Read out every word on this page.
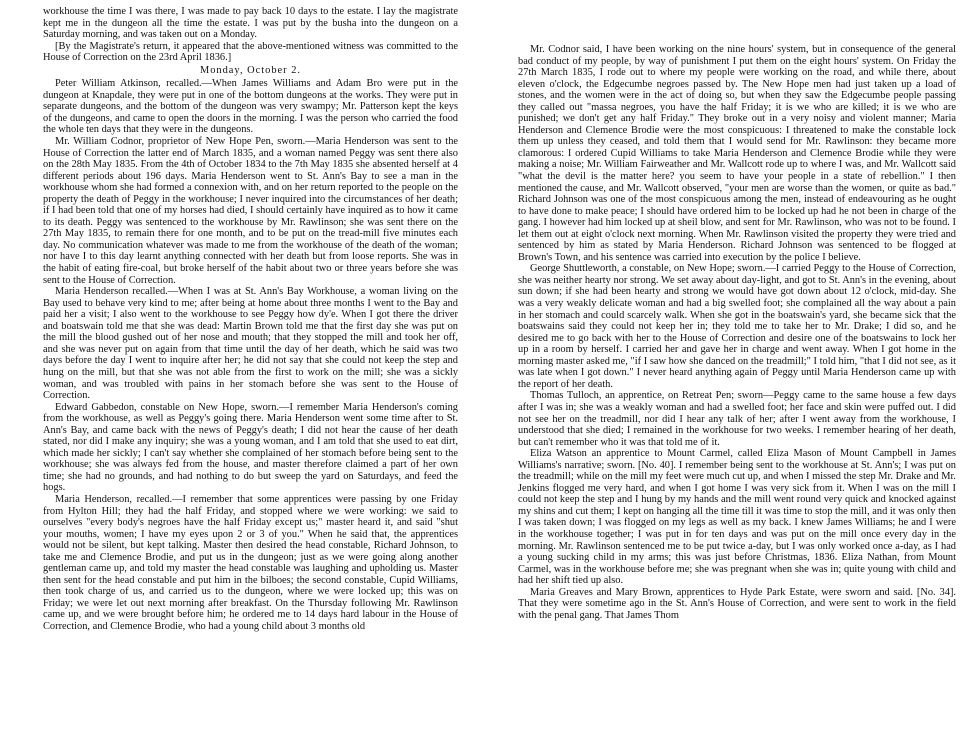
workhouse the time I was there, I was made to pay back 10 days to the estate. I lay the magistrate kept me in the dungeon all the time the estate. I was put by the busha into the dungeon on a Saturday morning, and was taken out on a Monday.

[By the Magistrate's return, it appeared that the above-mentioned witness was committed to the House of Correction on the 23rd April 1836.]

Monday, October 2.

Peter William Atkinson, recalled.—When James Williams and Adam Bro were put in the dungeon at Knapdale, they were put in one of the bottom dungeons at the works. They were put in separate dungeons, and the bottom of the dungeon was very swampy; Mr. Patterson kept the keys of the dungeons, and came to open the doors in the morning. I was the person who carried the food the whole ten days that they were in the dungeons.

Mr. William Codnor, proprietor of New Hope Pen, sworn.—Maria Henderson was sent to the House of Correction the latter end of March 1835, and a woman named Peggy was sent there also on the 28th May 1835. From the 4th of October 1834 to the 7th May 1835 she absented herself at 4 different periods about 196 days. Maria Henderson went to St. Ann's Bay to see a man in the workhouse whom she had formed a connexion with, and on her return reported to the people on the property the death of Peggy in the workhouse; I never inquired into the circumstances of her death; if I had been told that one of my horses had died, I should certainly have inquired as to how it came to its death. Peggy was sentenced to the workhouse by Mr. Rawlinson; she was sent there on the 27th May 1835, to remain there for one month, and to be put on the tread-mill five minutes each day. No communication whatever was made to me from the workhouse of the death of the woman; nor have I to this day learnt anything connected with her death but from loose reports. She was in the habit of eating fire-coal, but broke herself of the habit about two or three years before she was sent to the House of Correction.

Maria Henderson recalled.—When I was at St. Ann's Bay Workhouse, a woman living on the Bay used to behave very kind to me; after being at home about three months I went to the Bay and paid her a visit; I also went to the workhouse to see Peggy how dy'e. When I got there the driver and boatswain told me that she was dead: Martin Brown told me that the first day she was put on the mill the blood gushed out of her nose and mouth; that they stopped the mill and took her off, and she was never put on again from that time until the day of her death, which he said was two days before the day I went to inquire after her; he did not say that she could not keep the step and hung on the mill, but that she was not able from the first to work on the mill; she was a sickly woman, and was troubled with pains in her stomach before she was sent to the House of Correction.

Edward Gabbedon, constable on New Hope, sworn.—I remember Maria Henderson's coming from the workhouse, as well as Peggy's going there. Maria Henderson went some time after to St. Ann's Bay, and came back with the news of Peggy's death; I did not hear the cause of her death stated, nor did I make any inquiry; she was a young woman, and I am told that she used to eat dirt, which made her sickly; I can't say whether she complained of her stomach before being sent to the workhouse; she was always fed from the house, and master therefore claimed a part of her own time; she had no grounds, and had nothing to do but sweep the yard on Saturdays, and feed the hogs.

Maria Henderson, recalled.—I remember that some apprentices were passing by one Friday from Hylton Hill; they had the half Friday, and stopped where we were working: we said to ourselves "every body's negroes have the half Friday except us;" master heard it, and said "shut your mouths, women; I have my eyes upon 2 or 3 of you." When he said that, the apprentices would not be silent, but kept talking. Master then desired the head constable, Richard Johnson, to take me and Clemence Brodie, and put us in the dungeon; just as we were going along another gentleman came up, and told my master the head constable was laughing and upholding us. Master then sent for the head constable and put him in the bilboes; the second constable, Cupid Williams, then took charge of us, and carried us to the dungeon, where we were locked up; this was on Friday; we were let out next morning after breakfast. On the Thursday following Mr. Rawlinson came up, and we were brought before him; he ordered me to 14 days hard labour in the House of Correction, and Clemence Brodie, who had a young child about 3 months old

Mr. Codnor said, I have been working on the nine hours' system, but in consequence of the general bad conduct of my people, by way of punishment I put them on the eight hours' system. On Friday the 27th March 1835, I rode out to where my people were working on the road, and while there, about eleven o'clock, the Edgecumbe negroes passed by. The New Hope men had just taken up a load of stones, and the women were in the act of doing so, but when they saw the Edgecumbe people passing they called out "massa negroes, you have the half Friday; it is we who are killed; it is we who are punished; we don't get any half Friday." They broke out in a very noisy and violent manner; Maria Henderson and Clemence Brodie were the most conspicuous: I threatened to make the constable lock them up unless they ceased, and told them that I would send for Mr. Rawlinson: they became more clamorous: I ordered Cupid Williams to take Maria Henderson and Clemence Brodie while they were making a noise; Mr. William Fairweather and Mr. Wallcott rode up to where I was, and Mr. Wallcott said "what the devil is the matter here? you seem to have your people in a state of rebellion." I then mentioned the cause, and Mr. Wallcott observed, "your men are worse than the women, or quite as bad." Richard Johnson was one of the most conspicuous among the men, instead of endeavouring as he ought to have done to make peace; I should have ordered him to be locked up had he not been in charge of the gang. I however had him locked up at sheil blow, and sent for Mr. Rawlinson, who was not to be found. I let them out at eight o'clock next morning. When Mr. Rawlinson visited the property they were tried and sentenced by him as stated by Maria Henderson. Richard Johnson was sentenced to be flogged at Brown's Town, and his sentence was carried into execution by the police I believe.

George Shuttleworth, a constable, on New Hope; sworn.—I carried Peggy to the House of Correction, she was neither hearty nor strong. We set away about day-light, and got to St. Ann's in the evening, about sun down; if she had been hearty and strong we would have got down about 12 o'clock, mid-day. She was a very weakly delicate woman and had a big swelled foot; she complained all the way about a pain in her stomach and could scarcely walk. When she got in the boatswain's yard, she became sick that the boatswains said they could not keep her in; they told me to take her to Mr. Drake; I did so, and he desired me to go back with her to the House of Correction and desire one of the boatswains to lock her up in a room by herself. I carried her and gave her in charge and went away. When I got home in the morning master asked me, "if I saw how she danced on the treadmill;" I told him, "that I did not see, as it was late when I got down." I never heard anything again of Peggy until Maria Henderson came up with the report of her death.

Thomas Tulloch, an apprentice, on Retreat Pen; sworn—Peggy came to the same house a few days after I was in; she was a weakly woman and had a swelled foot; her face and skin were puffed out. I did not see her on the treadmill, nor did I hear any talk of her; after I went away from the workhouse, I understood that she died; I remained in the workhouse for two weeks. I remember hearing of her death, but can't remember who it was that told me of it.

Eliza Watson an apprentice to Mount Carmel, called Eliza Mason of Mount Campbell in James Williams's narrative; sworn. [No. 40]. I remember being sent to the workhouse at St. Ann's; I was put on the treadmill; while on the mill my feet were much cut up, and when I missed the step Mr. Drake and Mr. Jenkins flogged me very hard, and when I got home I was very sick from it. When I was on the mill I could not keep the step and I hung by my hands and the mill went round very quick and knocked against my shins and cut them; I kept on hanging all the time till it was time to stop the mill, and it was only then I was taken down; I was flogged on my legs as well as my back. I knew James Williams; he and I were in the workhouse together; I was put in for ten days and was put on the mill once every day in the morning. Mr. Rawlinson sentenced me to be put twice a-day, but I was only worked once a-day, as I had a young sucking child in my arms; this was just before Christmas, 1836. Eliza Nathan, from Mount Carmel, was in the workhouse before me; she was pregnant when she was in; quite young with child and had her shift tied up also.

Maria Greaves and Mary Brown, apprentices to Hyde Park Estate, were sworn and said. [No. 34]. That they were sometime ago in the St. Ann's House of Correction, and were sent to work in the field with the penal gang. That James Thom
